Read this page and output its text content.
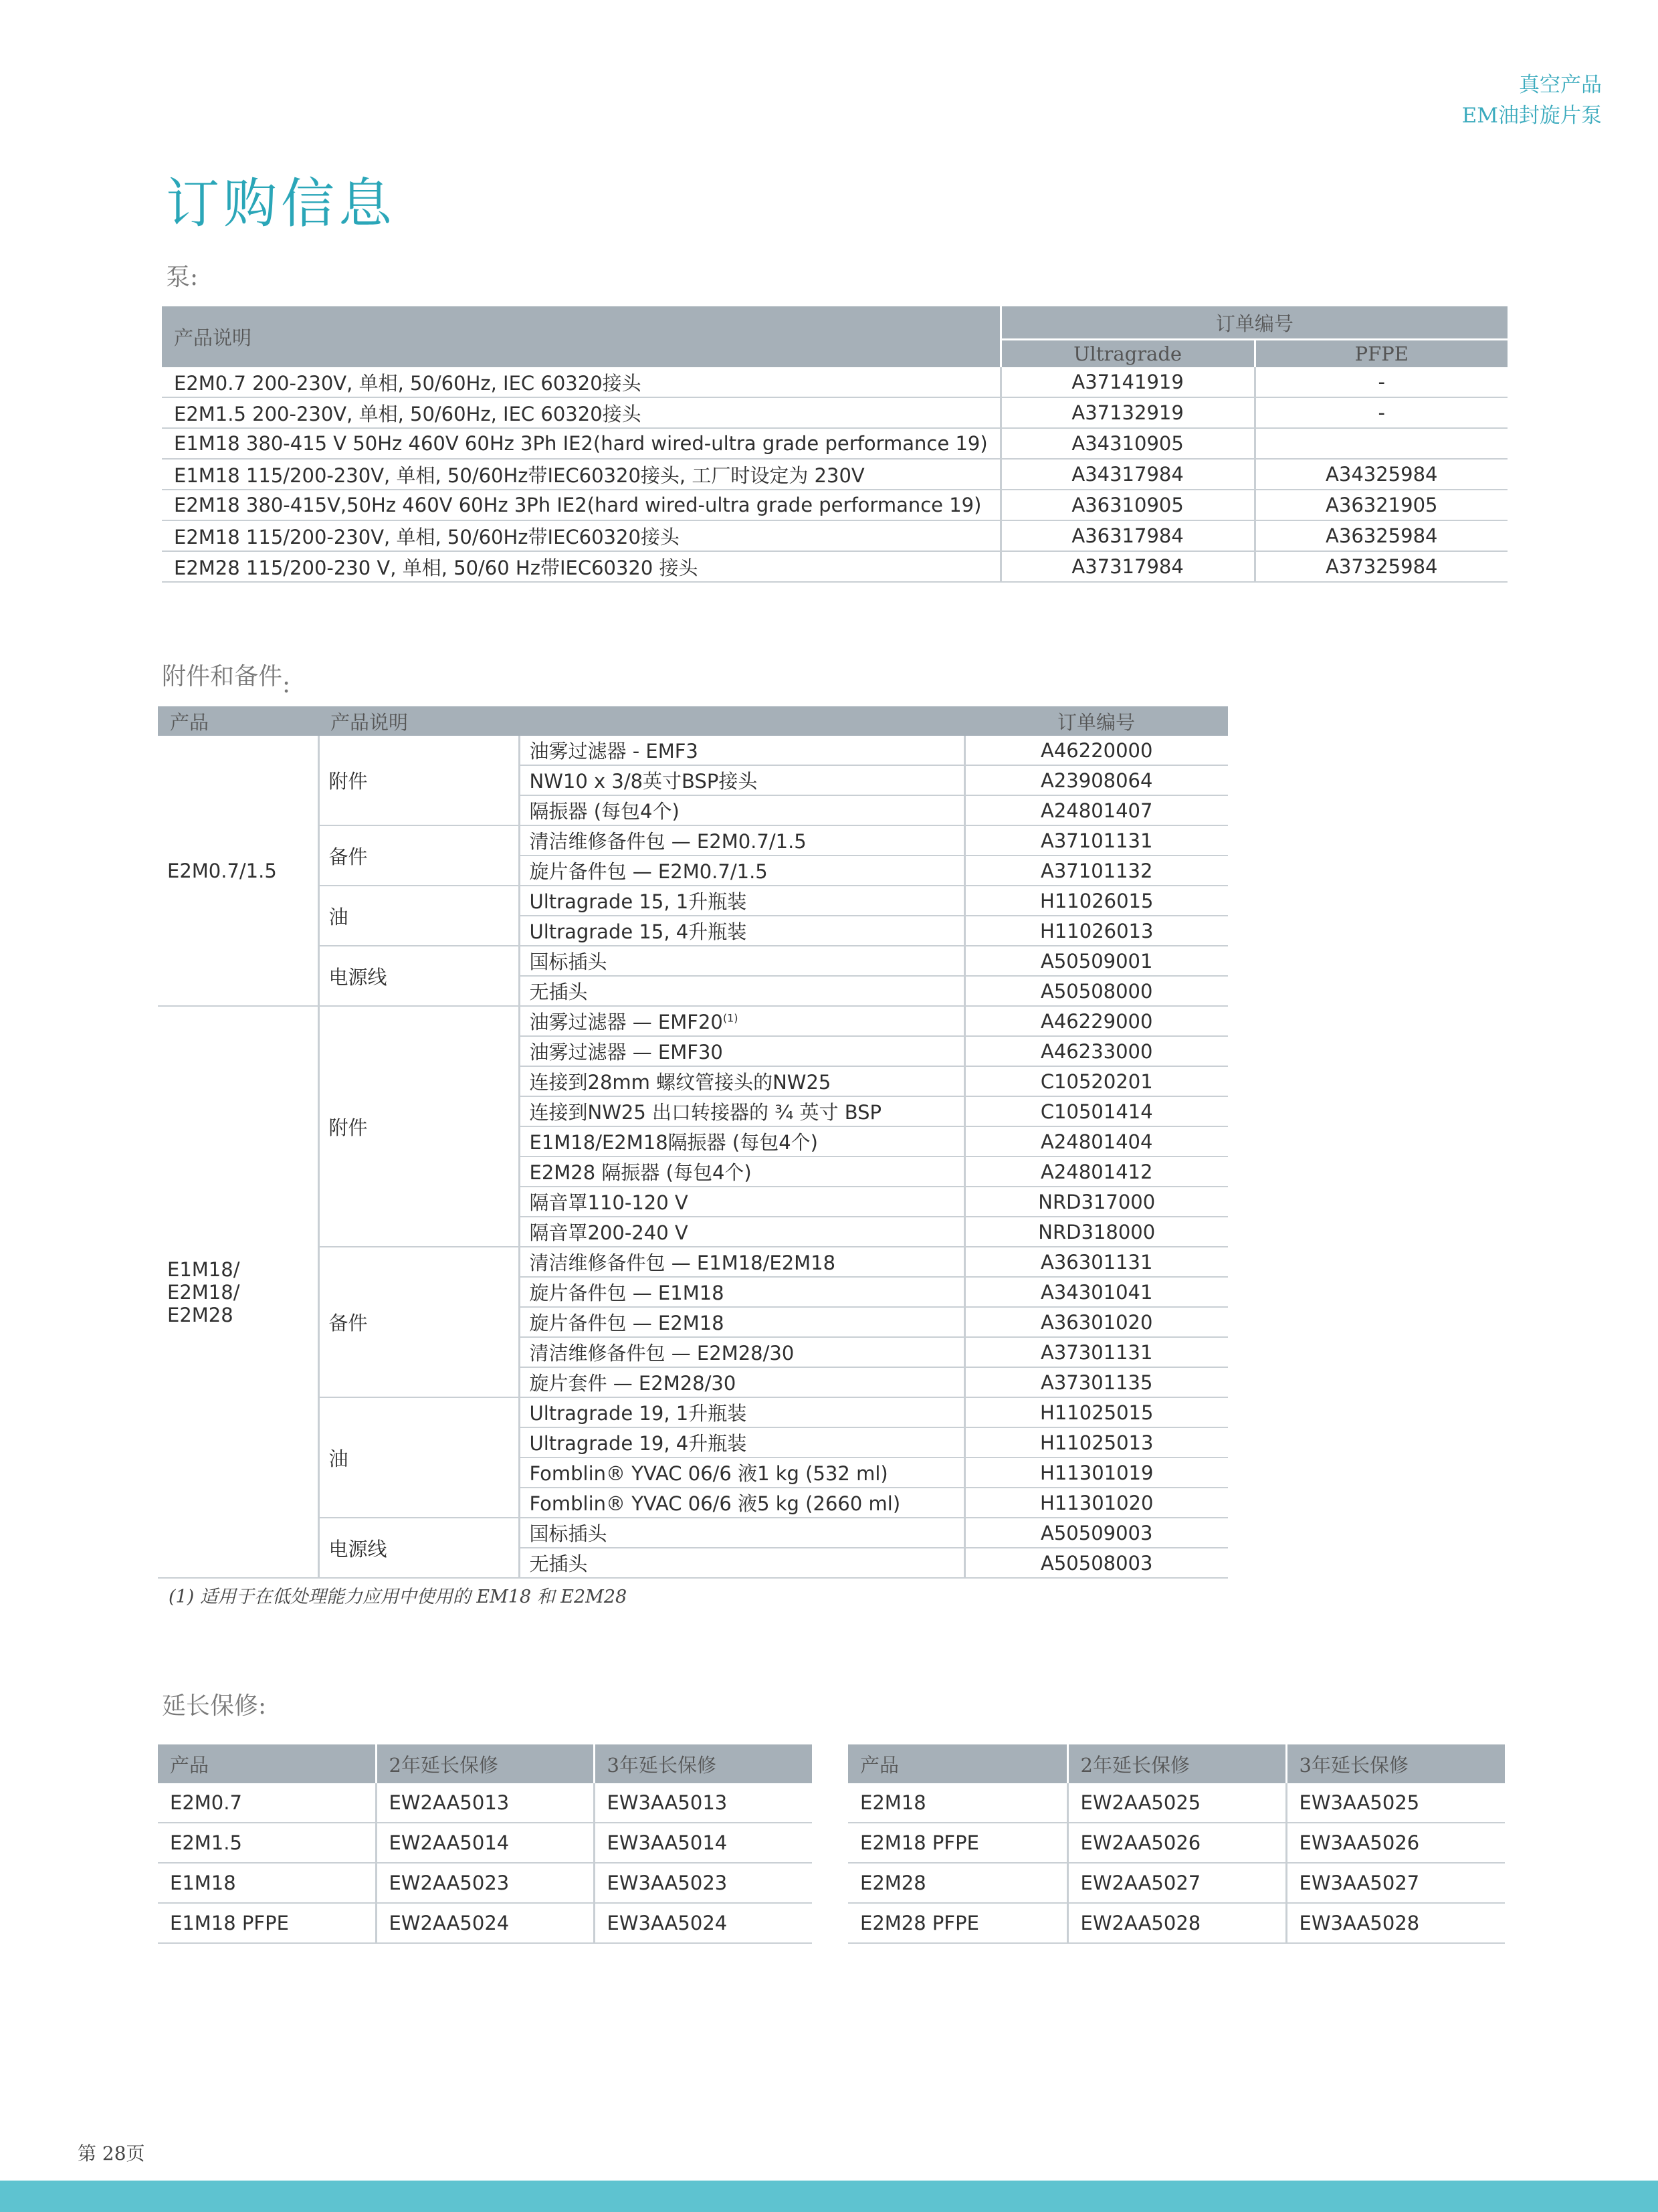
真空产品
EM油封旋片泵
订购信息
泵:
产品说明	订单编号	
	Ultragrade	PFPE
E2M0.7 200-230V, 单相, 50/60Hz, IEC 60320接头	A37141919	-
E2M1.5 200-230V, 单相, 50/60Hz, IEC 60320接头	A37132919	-
E1M18 380-415 V 50Hz 460V 60Hz 3Ph IE2(hard wired-ultra grade performance 19)	A34310905	
E1M18 115/200-230V, 单相, 50/60Hz带IEC60320接头, 工厂时设定为 230V	A34317984	A34325984
E2M18 380-415V,50Hz 460V 60Hz 3Ph IE2(hard wired-ultra grade performance 19)	A36310905	A36321905
E2M18 115/200-230V, 单相, 50/60Hz带IEC60320接头	A36317984	A36325984
E2M28 115/200-230 V, 单相, 50/60 Hz带IEC60320 接头	A37317984	A37325984
附件和备件:
产品	产品说明		订单编号
E2M0.7/1.5	附件	油雾过滤器 - EMF3	A46220000
		NW10 x 3/8英寸BSP接头	A23908064
		隔振器 (每包4个)	A24801407
	备件	清洁维修备件包 — E2M0.7/1.5	A37101131
		旋片备件包 — E2M0.7/1.5	A37101132
	油	Ultragrade 15, 1升瓶装	H11026015
		Ultragrade 15, 4升瓶装	H11026013
	电源线	国标插头	A50509001
		无插头	A50508000

E1M18/
E2M18/
E2M28	附件	油雾过滤器 — EMF20$^{(1)}$	A46229000
		油雾过滤器 — EMF30	A46233000
		连接到28mm 螺纹管接头的NW25	C10520201
		连接到NW25 出口转接器的 ¾ 英寸 BSP	C10501414
		E1M18/E2M18隔振器 (每包4个)	A24801404
		E2M28 隔振器 (每包4个)	A24801412
		隔音罩110-120 V	NRD317000
		隔音罩200-240 V	NRD318000
	备件	清洁维修备件包 — E1M18/E2M18	A36301131
		旋片备件包 — E1M18	A34301041
		旋片备件包 — E2M18	A36301020
		清洁维修备件包 — E2M28/30	A37301131
		旋片套件 — E2M28/30	A37301135
	油	Ultragrade 19, 1升瓶装	H11025015
		Ultragrade 19, 4升瓶装	H11025013
		Fomblin® YVAC 06/6 液1 kg (532 ml)	H11301019
		Fomblin® YVAC 06/6 液5 kg (2660 ml)	H11301020
	电源线	国标插头	A50509003
		无插头	A50508003
(1) 适用于在低处理能力应用中使用的 EM18 和 E2M28
延长保修:
产品	2年延长保修	3年延长保修
E2M0.7	EW2AA5013	EW3AA5013
E2M1.5	EW2AA5014	EW3AA5014
E1M18	EW2AA5023	EW3AA5023
E1M18 PFPE	EW2AA5024	EW3AA5024
产品	2年延长保修	3年延长保修
E2M18	EW2AA5025	EW3AA5025
E2M18 PFPE	EW2AA5026	EW3AA5026
E2M28	EW2AA5027	EW3AA5027
E2M28 PFPE	EW2AA5028	EW3AA5028
第 28页
